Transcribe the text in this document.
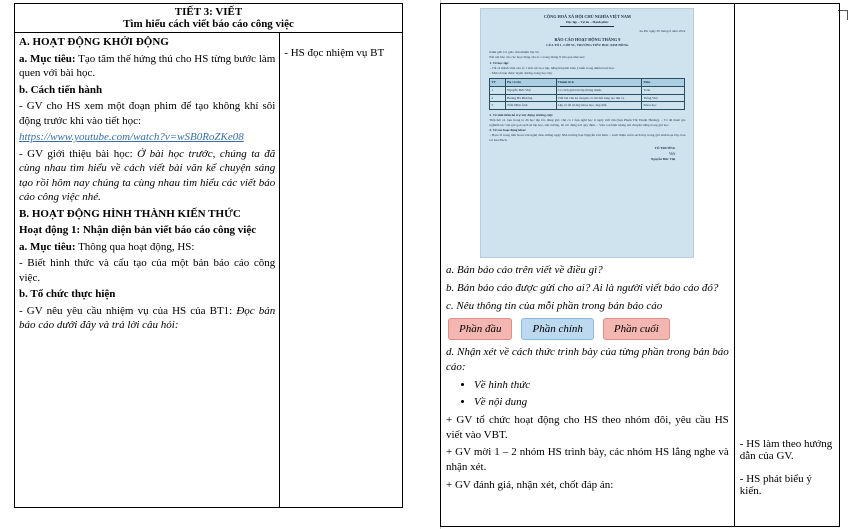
TIẾT 3: VIẾT
Tìm hiểu cách viết báo cáo công việc

A. HOẠT ĐỘNG KHỞI ĐỘNG

a. Mục tiêu: Tạo tâm thế hứng thú cho HS từng bước làm quen với bài học.

b. Cách tiến hành

- GV cho HS xem một đoạn phim để tạo không khí sôi động trước khi vào tiết học:

https://www.youtube.com/watch?v=wSB0RoZKe08

- GV giới thiệu bài học: Ở bài học trước, chúng ta đã cùng nhau tìm hiểu về cách viết bài văn kể chuyện sáng tạo rồi hôm nay chúng ta cùng nhau tìm hiểu các viết báo cáo công việc nhé.

B. HOẠT ĐỘNG HÌNH THÀNH KIẾN THỨC

Hoạt động 1: Nhận diện bản viết báo cáo công việc

a. Mục tiêu: Thông qua hoạt động, HS:

- Biết hình thức và cấu tạo của một bản báo cáo công việc.

b. Tổ chức thực hiện

- GV nêu yêu cầu nhiệm vụ của HS của BT1: Đọc bản báo cáo dưới đây và trả lời câu hỏi:

- HS đọc nhiệm vụ BT

CỘNG HOÀ XÃ HỘI CHỦ NGHĨA VIỆT NAM
Độc lập – Tự do – Hạnh phúc
Sa Pả, ngày 30 tháng 9 năm 2024
BÁO CÁO HOẠT ĐỘNG THÁNG 9
CỦA TỔ 1, LỚP 5C, TRƯỜNG TIỂU HỌC KIM ĐỒNG
Kính gửi: Cô giáo chủ nhiệm lớp 5C.
Em xin báo cáo các hoạt động của tổ 1 trong tháng 9 vừa qua như sau:
1. Về học tập:
– Tất cả thành viên của tổ 1 tích cực học tập, hăng hái phát biểu ý kiến trong nhiều buổi học.
– Một số bạn được tuyên dương trong học tập:
TT	Họ và tên	Thành tích	Môn
1	Nguyễn Đức Việt	Có cách giải bài tập thông minh.	Toán
2	Hoàng Hà Phương	Viết bài văn kể chuyện có chi tiết sáng tạo thú vị.	Tiếng Việt
3	Trần Nhật Ánh	Lập sơ đồ tư duy khoa học, đẹp mắt.	Khoa học
2. Về tinh thần hỗ trợ xây dựng trường, lớp:
Tiến hết cả, bạn trong tổ đã học tập tốt, đúng giờ, chủ có 1 bạn nghỉ học ít ngày viết ốm (bạn Phạm Thị Thanh Hương). – Tổ đã tham gia nghiêm túc vận gói gọn sạch sẽ lớp học, sân trường, bỏ rác đúng nơi quy định. – Vận con hiện tượng nói chuyện riêng trong giờ học.
3. Về các hoạt động khác:
– Bạn cử trong liên hoan văn nghệ chào mừng ngày Nhà trường bạn Nguyễn Chí Khả. – Giới thiệu cuốn sách hay trong giờ sinh hoạt lớp, bạn Lê Gia Bách.
TỔ TRƯỞNG
Việt
Nguyễn Đức Việt

a. Bản báo cáo trên viết về điều gì?

b. Bản báo cáo được gửi cho ai? Ai là người viết báo cáo đó?

c. Nêu thông tin của mỗi phần trong bản báo cáo

Phần đầu	Phần chính	Phần cuối

d. Nhận xét về cách thức trình bày của từng phần trong bản báo cáo:

• Về hình thức
• Về nội dung

+ GV tổ chức hoạt động cho HS theo nhóm đôi, yêu cầu HS viết vào VBT.

+ GV mời 1 – 2 nhóm HS trình bày, các nhóm HS lắng nghe và nhận xét.

+ GV đánh giá, nhận xét, chốt đáp án:

- HS làm theo hướng dẫn của GV.

- HS phát biểu ý kiến.
